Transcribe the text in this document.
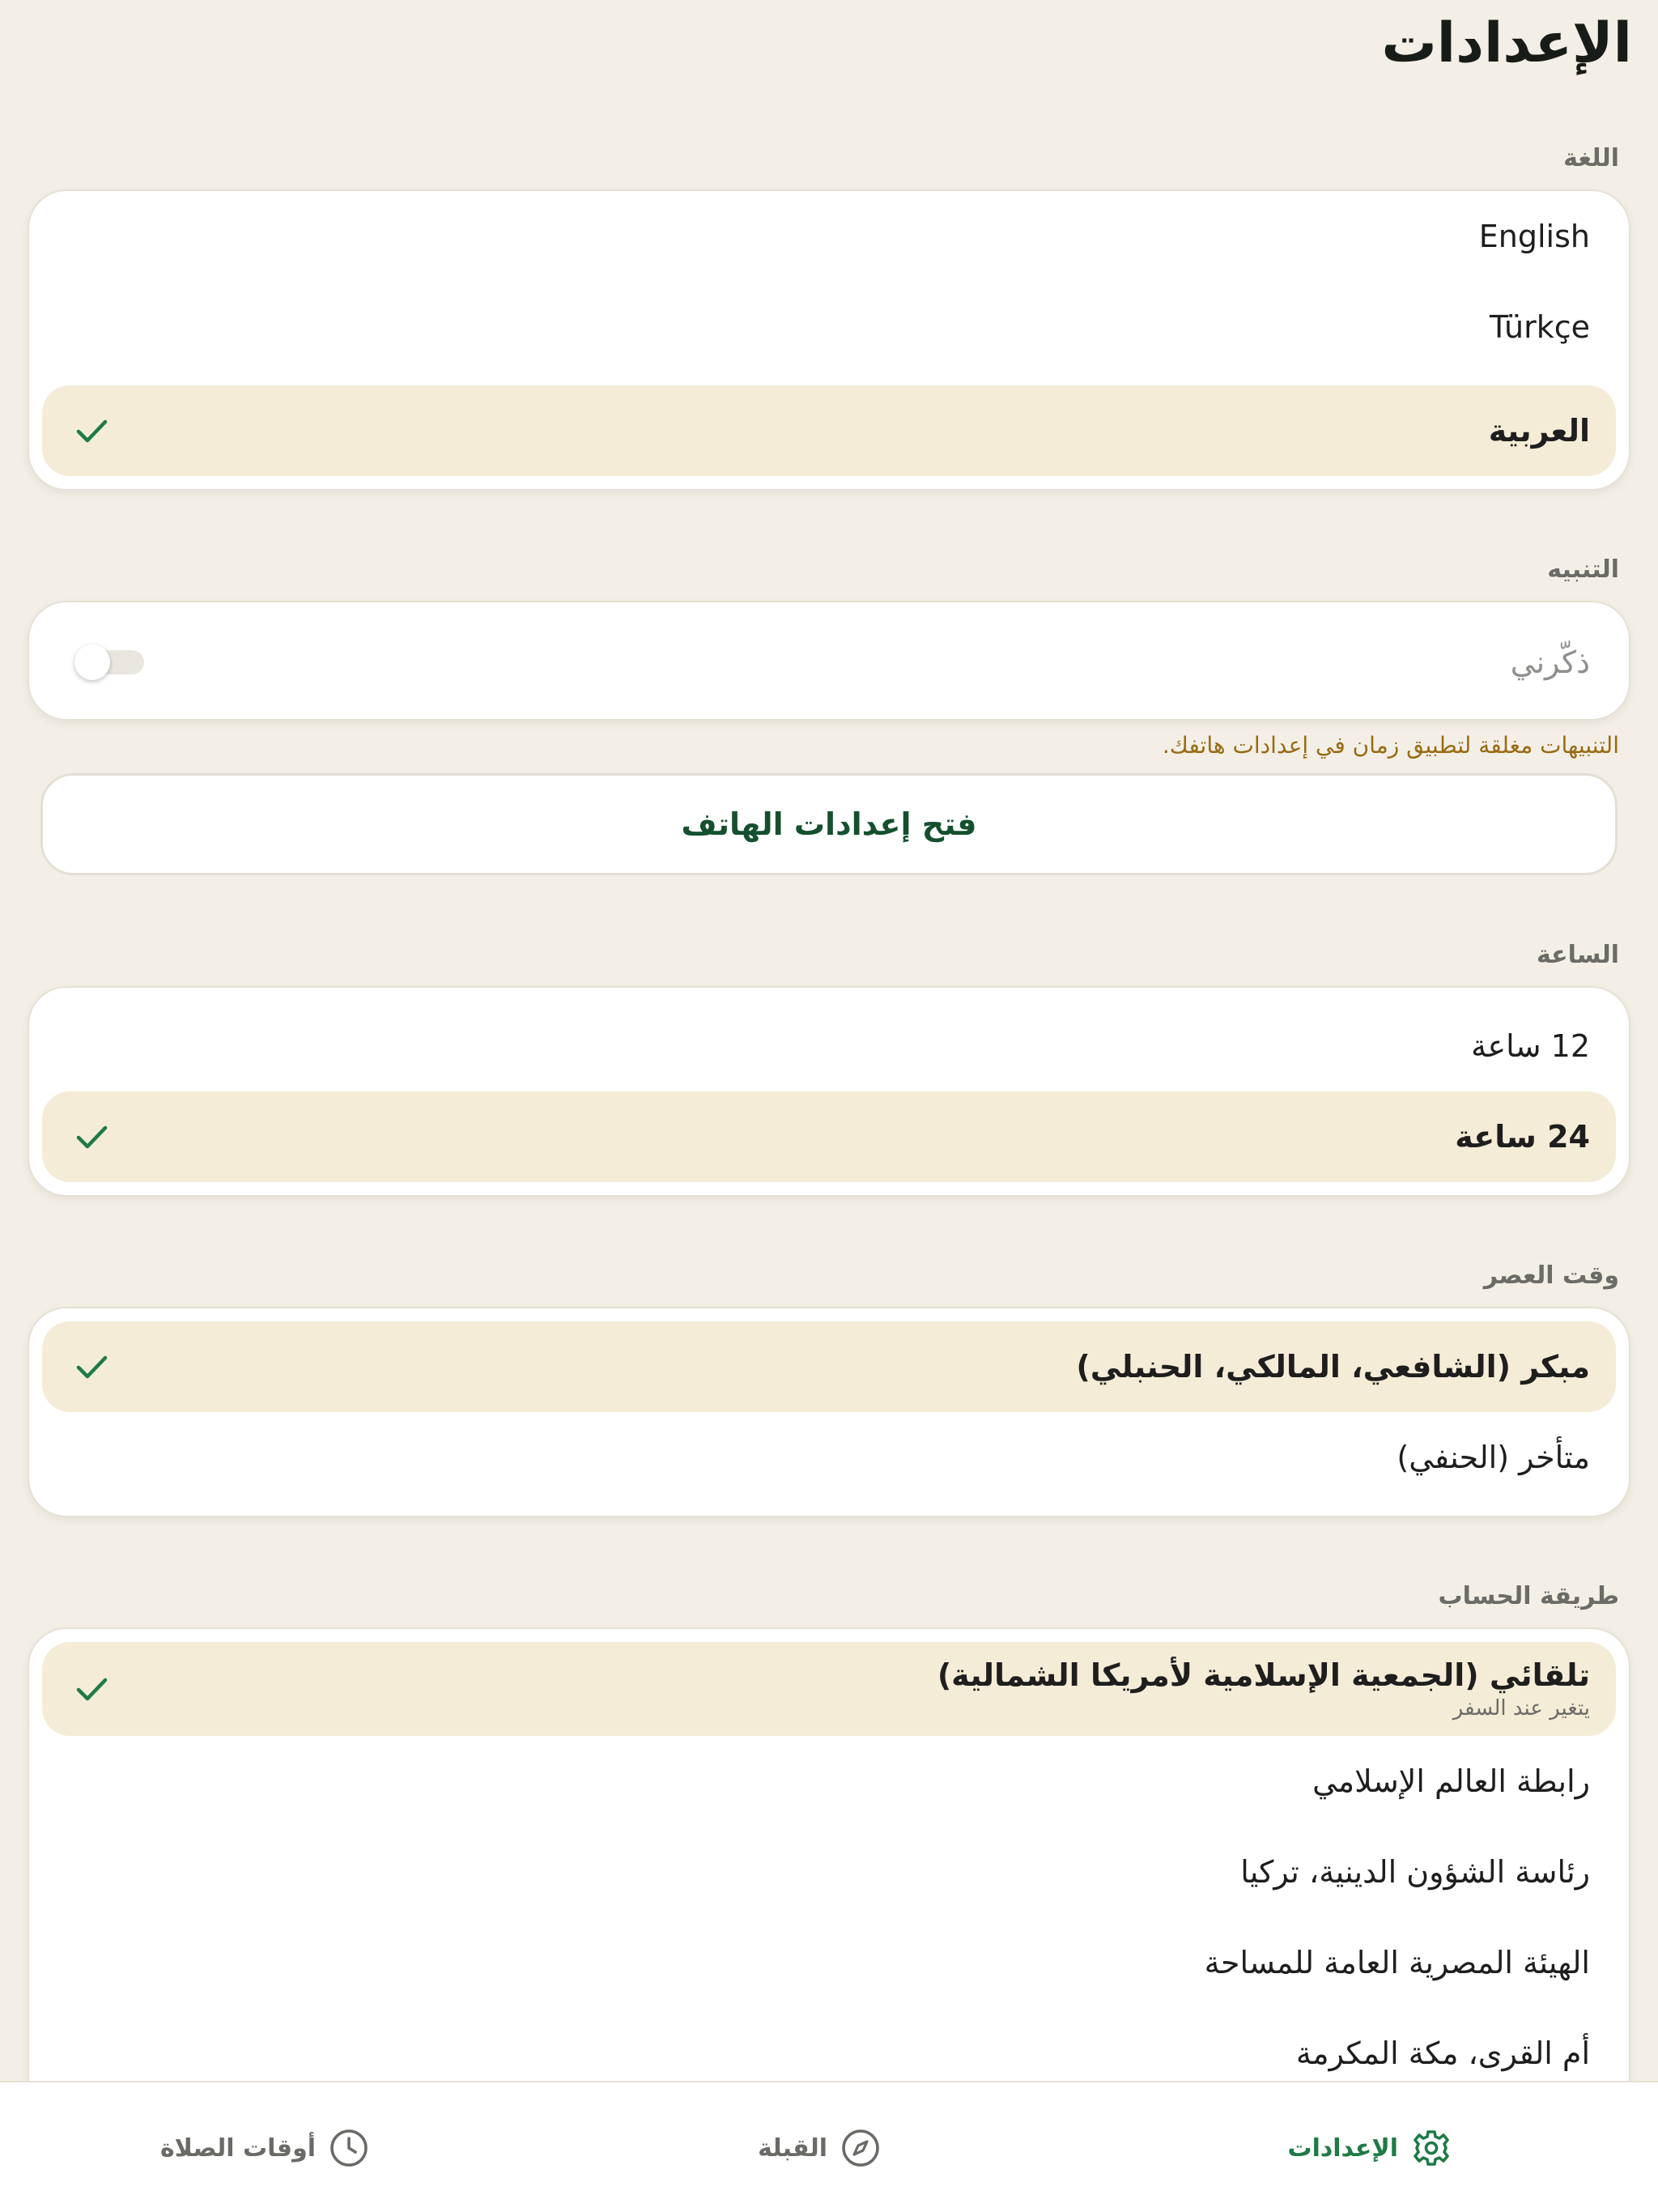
الإعدادات
اللغة
English
Türkçe
العربية
التنبيه
ذكّرني
التنبيهات مغلقة لتطبيق زمان في إعدادات هاتفك.
فتح إعدادات الهاتف
الساعة
12 ساعة
24 ساعة
وقت العصر
مبكر (الشافعي، المالكي، الحنبلي)
متأخر (الحنفي)
طريقة الحساب
تلقائي (الجمعية الإسلامية لأمريكا الشمالية)
يتغير عند السفر
رابطة العالم الإسلامي
رئاسة الشؤون الدينية، تركيا
الهيئة المصرية العامة للمساحة
أم القرى، مكة المكرمة
الإعدادات
القبلة
أوقات الصلاة
